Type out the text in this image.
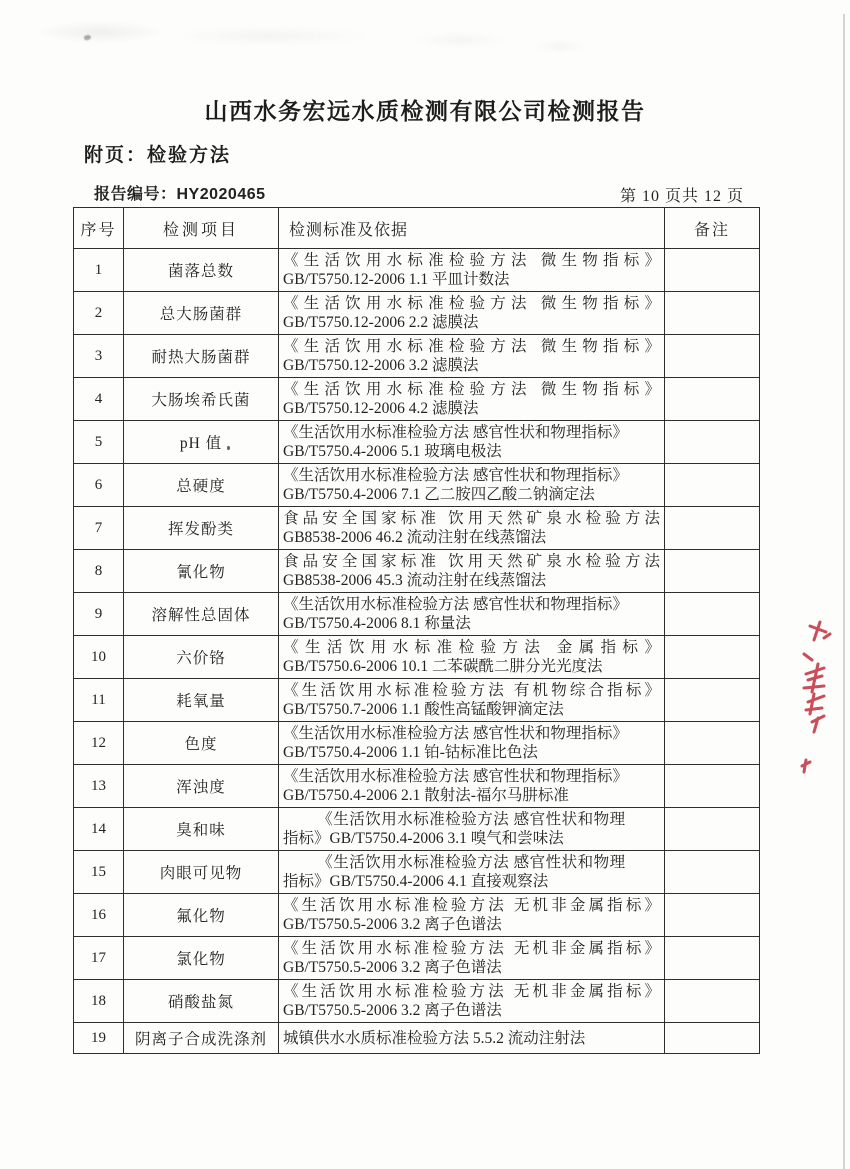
山西水务宏远水质检测有限公司检测报告
附页：检验方法
报告编号：HY2020465	第 10 页共 12 页
序号	检测项目	检测标准及依据	备注
1	菌落总数	《生活饮用水标准检验方法 微生物指标》
GB/T5750.12-2006 1.1 平皿计数法	

2	总大肠菌群	《生活饮用水标准检验方法 微生物指标》
GB/T5750.12-2006 2.2 滤膜法	

3	耐热大肠菌群	《生活饮用水标准检验方法 微生物指标》
GB/T5750.12-2006 3.2 滤膜法	

4	大肠埃希氏菌	《生活饮用水标准检验方法 微生物指标》
GB/T5750.12-2006 4.2 滤膜法	

5	pH 值	《生活饮用水标准检验方法 感官性状和物理指标》
GB/T5750.4-2006 5.1 玻璃电极法	

6	总硬度	《生活饮用水标准检验方法 感官性状和物理指标》
GB/T5750.4-2006 7.1 乙二胺四乙酸二钠滴定法	

7	挥发酚类	食品安全国家标准 饮用天然矿泉水检验方法
GB8538-2006 46.2 流动注射在线蒸馏法	

8	氰化物	食品安全国家标准 饮用天然矿泉水检验方法
GB8538-2006 45.3 流动注射在线蒸馏法	

9	溶解性总固体	《生活饮用水标准检验方法 感官性状和物理指标》
GB/T5750.4-2006 8.1 称量法	

10	六价铬	《生活饮用水标准检验方法 金属指标》
GB/T5750.6-2006 10.1 二苯碳酰二肼分光光度法	

11	耗氧量	《生活饮用水标准检验方法 有机物综合指标》
GB/T5750.7-2006 1.1 酸性高锰酸钾滴定法	

12	色度	《生活饮用水标准检验方法 感官性状和物理指标》
GB/T5750.4-2006 1.1 铂-钴标准比色法	

13	浑浊度	《生活饮用水标准检验方法 感官性状和物理指标》
GB/T5750.4-2006 2.1 散射法-福尔马肼标准	

14	臭和味	《生活饮用水标准检验方法 感官性状和物理
指标》GB/T5750.4-2006 3.1 嗅气和尝味法	

15	肉眼可见物	《生活饮用水标准检验方法 感官性状和物理
指标》GB/T5750.4-2006 4.1 直接观察法	

16	氟化物	《生活饮用水标准检验方法 无机非金属指标》
GB/T5750.5-2006 3.2 离子色谱法	

17	氯化物	《生活饮用水标准检验方法 无机非金属指标》
GB/T5750.5-2006 3.2 离子色谱法	

18	硝酸盐氮	《生活饮用水标准检验方法 无机非金属指标》
GB/T5750.5-2006 3.2 离子色谱法	

19	阴离子合成洗涤剂	城镇供水水质标准检验方法 5.5.2 流动注射法	
